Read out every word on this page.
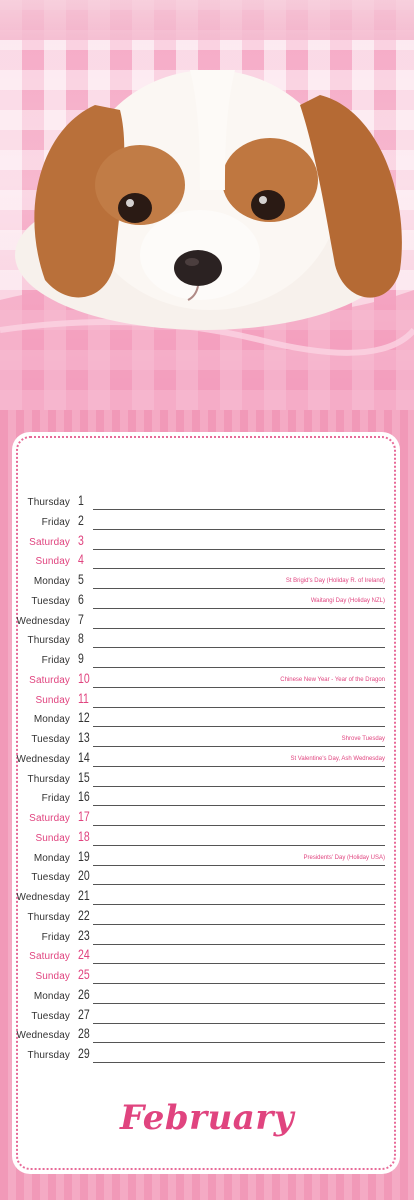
Thursday 1
Friday 2
Saturday 3
Sunday 4
Monday 5	St Brigid's Day (Holiday R. of Ireland)
Tuesday 6	Waitangi Day (Holiday NZL)
Wednesday 7
Thursday 8
Friday 9
Saturday 10	Chinese New Year - Year of the Dragon
Sunday 11
Monday 12
Tuesday 13	Shrove Tuesday
Wednesday 14	St Valentine's Day, Ash Wednesday
Thursday 15
Friday 16
Saturday 17
Sunday 18
Monday 19	Presidents' Day (Holiday USA)
Tuesday 20
Wednesday 21
Thursday 22
Friday 23
Saturday 24
Sunday 25
Monday 26
Tuesday 27
Wednesday 28
Thursday 29
February
